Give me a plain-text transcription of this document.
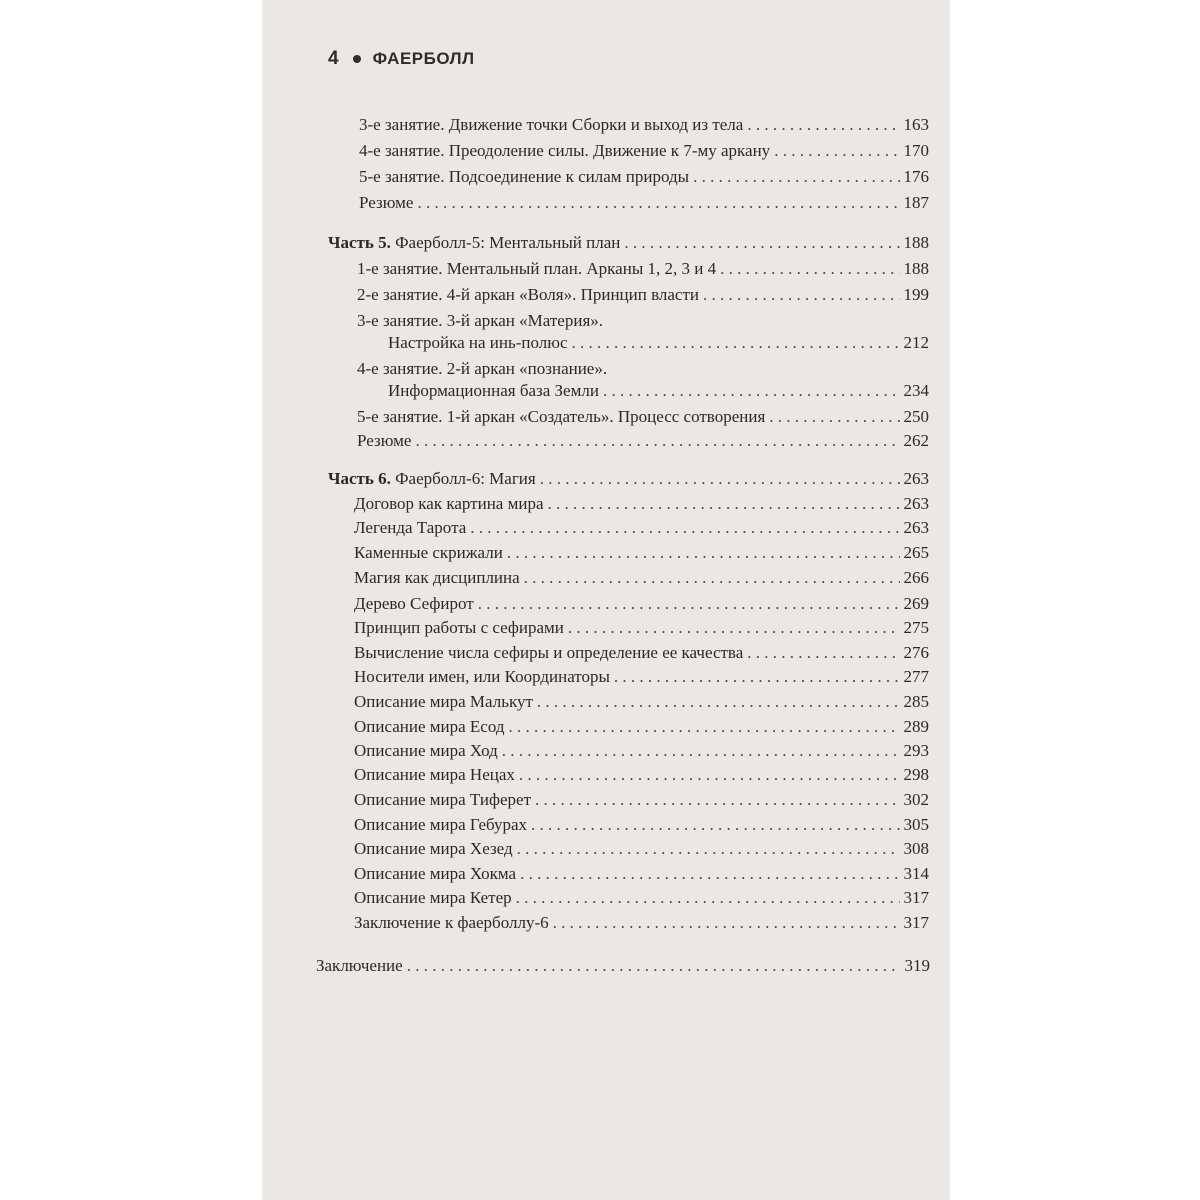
4 ФАЕРБОЛЛ
3-е занятие. Движение точки Сборки и выход из тела . . .	163
4-е занятие. Преодоление силы. Движение к 7-му аркану . . .	170
5-е занятие. Подсоединение к силам природы . . .	176
Резюме . . .	187
Часть 5. Фаерболл-5: Ментальный план . . .	188
1-е занятие. Ментальный план. Арканы 1, 2, 3 и 4 . . .	188
2-е занятие. 4-й аркан «Воля». Принцип власти . . .	199
3-е занятие. 3-й аркан «Материя».
Настройка на инь-полюс . . .	212
4-е занятие. 2-й аркан «познание».
Информационная база Земли . . .	234
5-е занятие. 1-й аркан «Создатель». Процесс сотворения . . .	250
Резюме . . .	262
Часть 6. Фаерболл-6: Магия . . .	263
Договор как картина мира . . .	263
Легенда Тарота . . .	263
Каменные скрижали . . .	265
Магия как дисциплина . . .	266
Дерево Сефирот . . .	269
Принцип работы с сефирами . . .	275
Вычисление числа сефиры и определение ее качества . . .	276
Носители имен, или Координаторы . . .	277
Описание мира Малькут . . .	285
Описание мира Есод . . .	289
Описание мира Ход . . .	293
Описание мира Нецах . . .	298
Описание мира Тиферет . . .	302
Описание мира Гебурах . . .	305
Описание мира Хезед . . .	308
Описание мира Хокма . . .	314
Описание мира Кетер . . .	317
Заключение к фаерболлу-6 . . .	317
Заключение . . .	319
